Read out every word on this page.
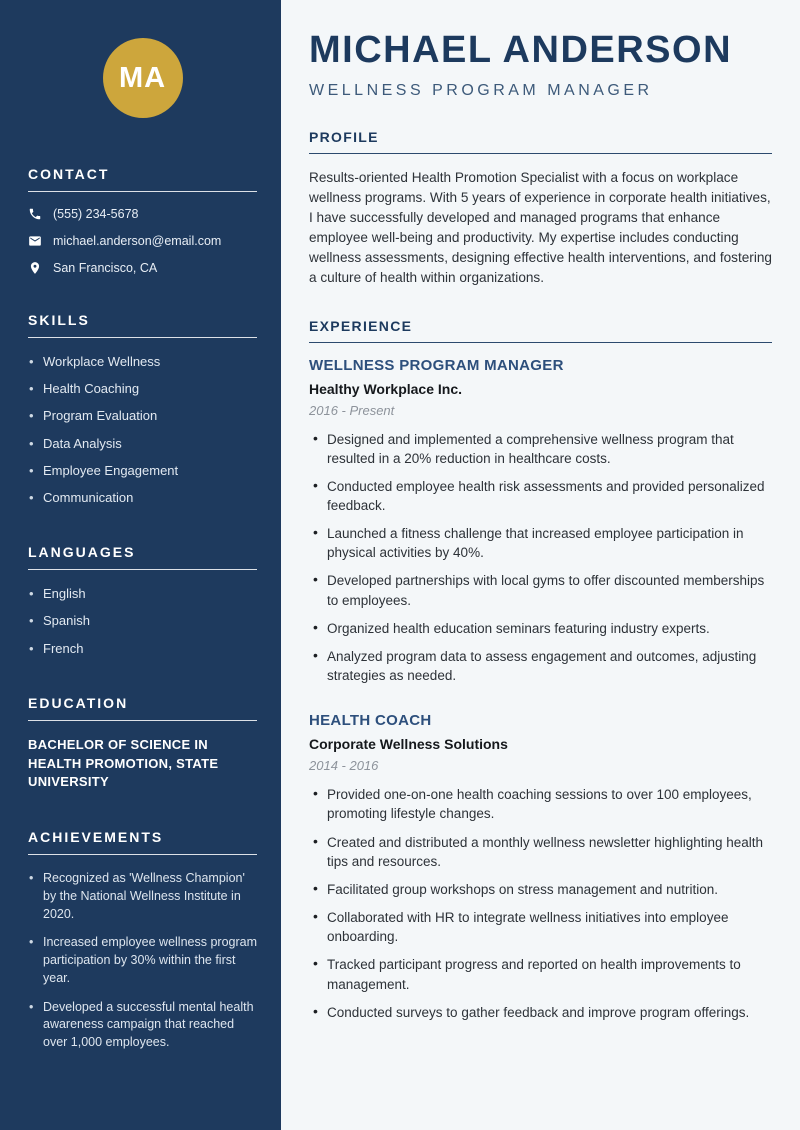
MA
CONTACT
(555) 234-5678
michael.anderson@email.com
San Francisco, CA
SKILLS
• Workplace Wellness
• Health Coaching
• Program Evaluation
• Data Analysis
• Employee Engagement
• Communication
LANGUAGES
• English
• Spanish
• French
EDUCATION
BACHELOR OF SCIENCE IN HEALTH PROMOTION, STATE UNIVERSITY
ACHIEVEMENTS
• Recognized as 'Wellness Champion' by the National Wellness Institute in 2020.
• Increased employee wellness program participation by 30% within the first year.
• Developed a successful mental health awareness campaign that reached over 1,000 employees.
MICHAEL ANDERSON
WELLNESS PROGRAM MANAGER
PROFILE

Results-oriented Health Promotion Specialist with a focus on workplace wellness programs. With 5 years of experience in corporate health initiatives, I have successfully developed and managed programs that enhance employee well-being and productivity. My expertise includes conducting wellness assessments, designing effective health interventions, and fostering a culture of health within organizations.

EXPERIENCE
WELLNESS PROGRAM MANAGER
Healthy Workplace Inc.
2016 - Present
• Designed and implemented a comprehensive wellness program that resulted in a 20% reduction in healthcare costs.
• Conducted employee health risk assessments and provided personalized feedback.
• Launched a fitness challenge that increased employee participation in physical activities by 40%.
• Developed partnerships with local gyms to offer discounted memberships to employees.
• Organized health education seminars featuring industry experts.
• Analyzed program data to assess engagement and outcomes, adjusting strategies as needed.
HEALTH COACH
Corporate Wellness Solutions
2014 - 2016
• Provided one-on-one health coaching sessions to over 100 employees, promoting lifestyle changes.
• Created and distributed a monthly wellness newsletter highlighting health tips and resources.
• Facilitated group workshops on stress management and nutrition.
• Collaborated with HR to integrate wellness initiatives into employee onboarding.
• Tracked participant progress and reported on health improvements to management.
• Conducted surveys to gather feedback and improve program offerings.
